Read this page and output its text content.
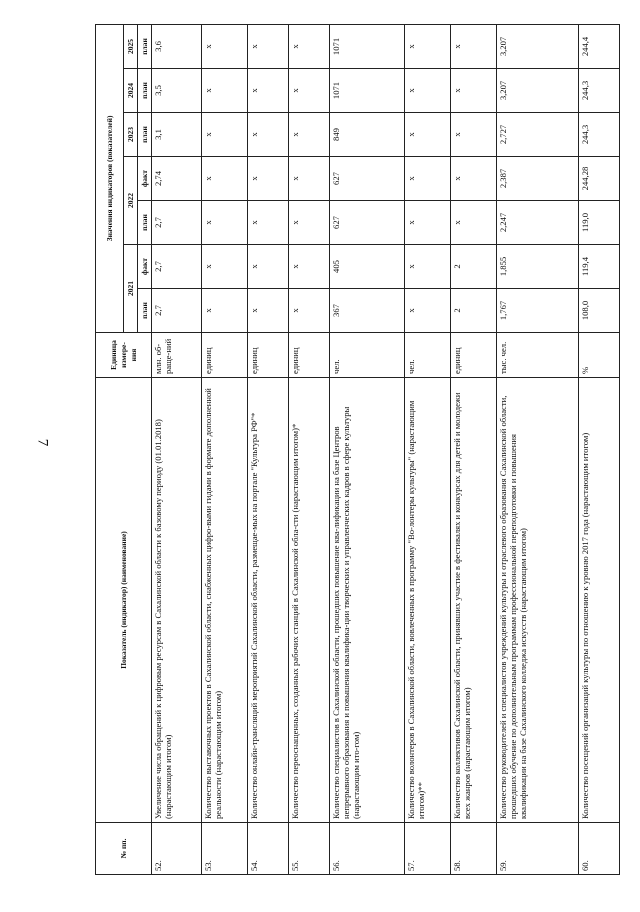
7
№ пп.	Показатель (индикатор) (наименование)	Единица измере-ния	Значения индикаторов (показателей)						
			2021		2022		2023	2024	2025
			план	факт	план	факт	план	план	план
52.	Увеличение числа обращений к цифровым ресурсам в Сахалинской области к базовому периоду (01.01.2018) (нарастающим итогом)	млн. об-раще-ний	2,7	2,7	2,7	2,74	3,1	3,5	3,6
53.	Количество выставочных проектов в Сахалинской области, снабженных цифро-выми гидами в формате дополненной реальности (нарастающим итогом)	единиц	х	х	х	х	х	х	х
54.	Количество онлайн-трансляций мероприятий Сахалинской области, размещае-мых на портале "Культура РФ"*	единиц	х	х	х	х	х	х	х
55.	Количество переоснащенных, созданных рабочих станций в Сахалинской обла-сти (нарастающим итогом)*	единиц	х	х	х	х	х	х	х
56.	Количество специалистов в Сахалинской области, прошедших повышение ква-лификации на базе Центров непрерывного образования и повышения квалифика-ции творческих и управленческих кадров в сфере культуры (нарастающим ито-гом)	чел.	367	405	627	627	849	1071	1071
57.	Количество волонтеров в Сахалинской области, вовлеченных в программу "Во-лонтеры культуры" (нарастающим итогом)**	чел.	х	х	х	х	х	х	х
58.	Количество коллективов Сахалинской области, принявших участие в фестивалях и конкурсах для детей и молодежи всех жанров (нарастающим итогом)	единиц	2	2	х	х	х	х	х
59.	Количество руководителей и специалистов учреждений культуры и отраслевого образования Сахалинской области, прошедших обучение по дополнительным программам профессиональной переподготовки и повышения квалификации на базе Сахалинского колледжа искусств (нарастающим итогом)	тыс. чел.	1,767	1,855	2,247	2,387	2,727	3,207	3,207
60.	Количество посещений организаций культуры по отношению к уровню 2017 года (нарастающим итогом)	%	108,0	119,4	119,0	244,28	244,3	244,3	244,4
